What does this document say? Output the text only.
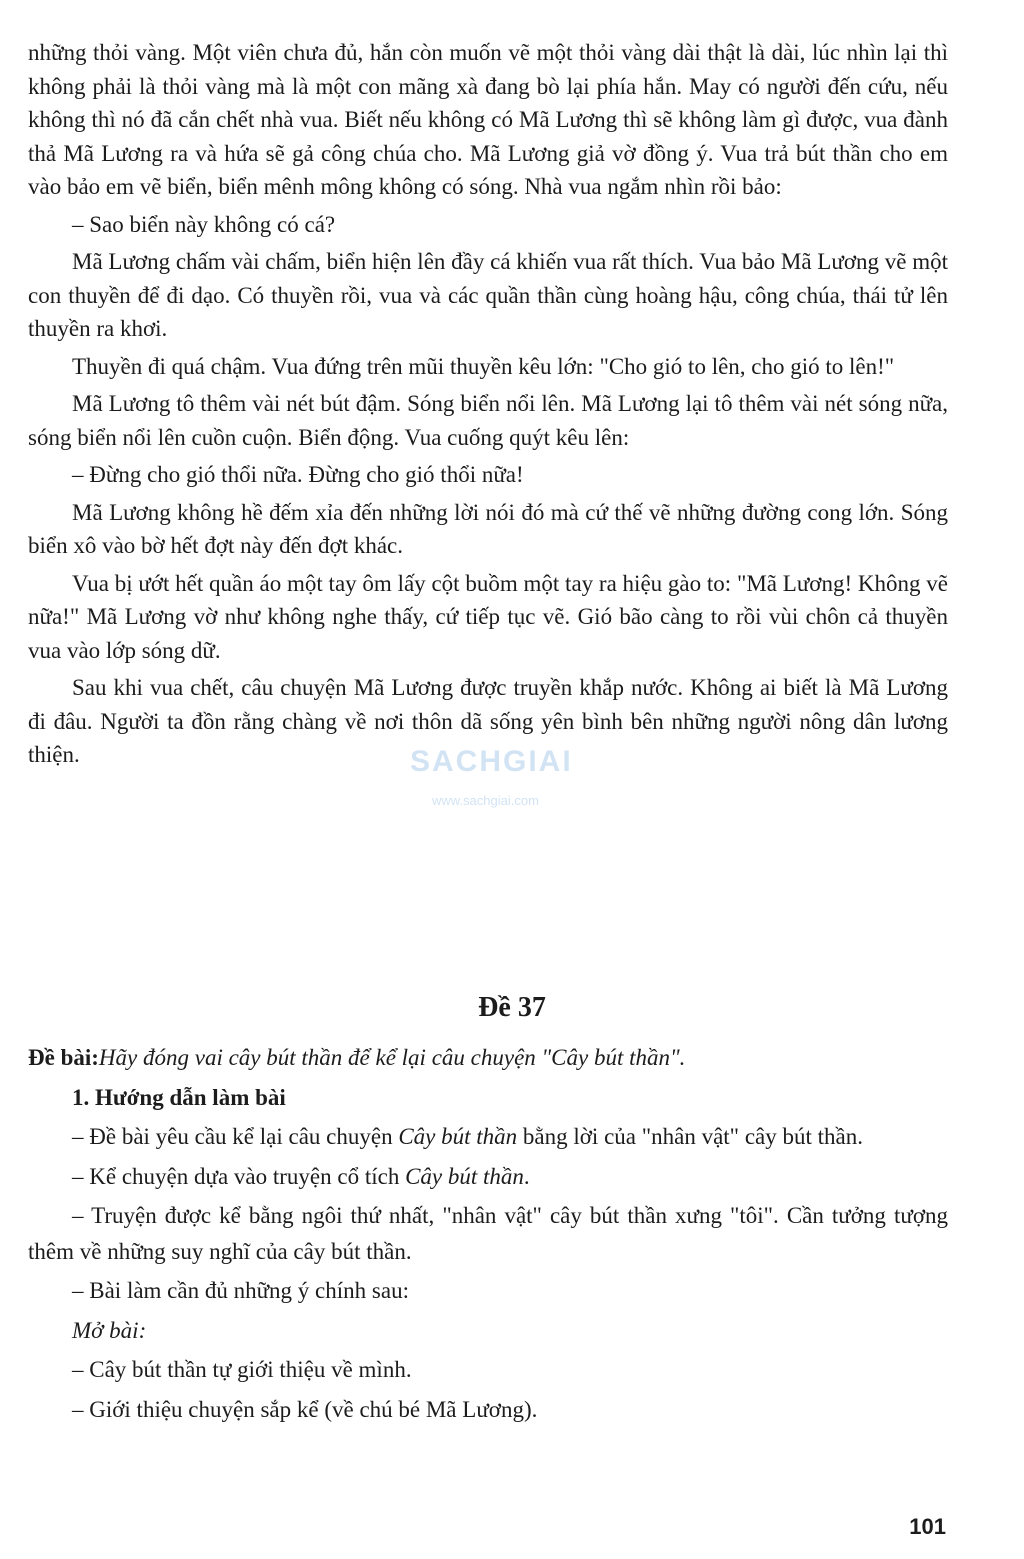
những thỏi vàng. Một viên chưa đủ, hắn còn muốn vẽ một thỏi vàng dài thật là dài, lúc nhìn lại thì không phải là thỏi vàng mà là một con mãng xà đang bò lại phía hắn. May có người đến cứu, nếu không thì nó đã cắn chết nhà vua. Biết nếu không có Mã Lương thì sẽ không làm gì được, vua đành thả Mã Lương ra và hứa sẽ gả công chúa cho. Mã Lương giả vờ đồng ý. Vua trả bút thần cho em vào bảo em vẽ biển, biển mênh mông không có sóng. Nhà vua ngắm nhìn rồi bảo:

– Sao biển này không có cá?

Mã Lương chấm vài chấm, biển hiện lên đầy cá khiến vua rất thích. Vua bảo Mã Lương vẽ một con thuyền để đi dạo. Có thuyền rồi, vua và các quần thần cùng hoàng hậu, công chúa, thái tử lên thuyền ra khơi.

Thuyền đi quá chậm. Vua đứng trên mũi thuyền kêu lớn: "Cho gió to lên, cho gió to lên!"

Mã Lương tô thêm vài nét bút đậm. Sóng biển nổi lên. Mã Lương lại tô thêm vài nét sóng nữa, sóng biển nổi lên cuồn cuộn. Biển động. Vua cuống quýt kêu lên:

– Đừng cho gió thổi nữa. Đừng cho gió thổi nữa!

Mã Lương không hề đếm xỉa đến những lời nói đó mà cứ thế vẽ những đường cong lớn. Sóng biển xô vào bờ hết đợt này đến đợt khác.

Vua bị ướt hết quần áo một tay ôm lấy cột buồm một tay ra hiệu gào to: "Mã Lương! Không vẽ nữa!" Mã Lương vờ như không nghe thấy, cứ tiếp tục vẽ. Gió bão càng to rồi vùi chôn cả thuyền vua vào lớp sóng dữ.

Sau khi vua chết, câu chuyện Mã Lương được truyền khắp nước. Không ai biết là Mã Lương đi đâu. Người ta đồn rằng chàng về nơi thôn dã sống yên bình bên những người nông dân lương thiện.	SACHGIAI
www.sachgiai.com
Đề 37

Đề bài:Hãy đóng vai cây bút thần để kể lại câu chuyện "Cây bút thần".

1. Hướng dẫn làm bài

– Đề bài yêu cầu kể lại câu chuyện Cây bút thần bằng lời của "nhân vật" cây bút thần.

– Kể chuyện dựa vào truyện cổ tích Cây bút thần.

– Truyện được kể bằng ngôi thứ nhất, "nhân vật" cây bút thần xưng "tôi". Cần tưởng tượng thêm về những suy nghĩ của cây bút thần.

– Bài làm cần đủ những ý chính sau:

Mở bài:

– Cây bút thần tự giới thiệu về mình.

– Giới thiệu chuyện sắp kể (về chú bé Mã Lương).

101
